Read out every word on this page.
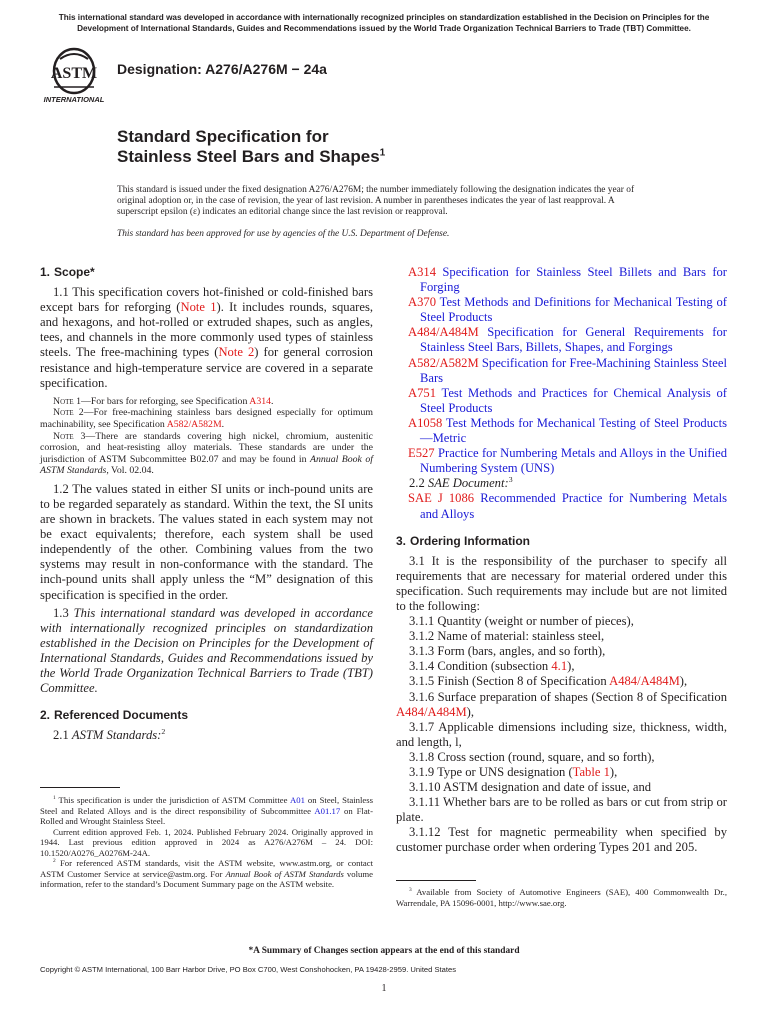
This international standard was developed in accordance with internationally recognized principles on standardization established in the Decision on Principles for the Development of International Standards, Guides and Recommendations issued by the World Trade Organization Technical Barriers to Trade (TBT) Committee.
ASTM
INTERNATIONAL
Designation: A276/A276M − 24a
Standard Specification for
Stainless Steel Bars and Shapes$^1$
This standard is issued under the fixed designation A276/A276M; the number immediately following the designation indicates the year of original adoption or, in the case of revision, the year of last revision. A number in parentheses indicates the year of last reapproval. A superscript epsilon (ε) indicates an editorial change since the last revision or reapproval.
This standard has been approved for use by agencies of the U.S. Department of Defense.
1. Scope*

1.1 This specification covers hot-finished or cold-finished bars except bars for reforging (Note 1). It includes rounds, squares, and hexagons, and hot-rolled or extruded shapes, such as angles, tees, and channels in the more commonly used types of stainless steels. The free-machining types (Note 2) for general corrosion resistance and high-temperature service are covered in a separate specification.

Note 1—For bars for reforging, see Specification A314.

Note 2—For free-machining stainless bars designed especially for optimum machinability, see Specification A582/A582M.

Note 3—There are standards covering high nickel, chromium, austenitic corrosion, and heat-resisting alloy materials. These standards are under the jurisdiction of ASTM Subcommittee B02.07 and may be found in Annual Book of ASTM Standards, Vol. 02.04.

1.2 The values stated in either SI units or inch-pound units are to be regarded separately as standard. Within the text, the SI units are shown in brackets. The values stated in each system may not be exact equivalents; therefore, each system shall be used independently of the other. Combining values from the two systems may result in non-conformance with the standard. The inch-pound units shall apply unless the “M” designation of this specification is specified in the order.

1.3 This international standard was developed in accordance with internationally recognized principles on standardization established in the Decision on Principles for the Development of International Standards, Guides and Recommendations issued by the World Trade Organization Technical Barriers to Trade (TBT) Committee.

2. Referenced Documents

2.1 ASTM Standards:$^2$

$^1$ This specification is under the jurisdiction of ASTM Committee A01 on Steel, Stainless Steel and Related Alloys and is the direct responsibility of Subcommittee A01.17 on Flat-Rolled and Wrought Stainless Steel.

Current edition approved Feb. 1, 2024. Published February 2024. Originally approved in 1944. Last previous edition approved in 2024 as A276/A276M – 24. DOI: 10.1520/A0276_A0276M-24A.

$^2$ For referenced ASTM standards, visit the ASTM website, www.astm.org, or contact ASTM Customer Service at service@astm.org. For Annual Book of ASTM Standards volume information, refer to the standard’s Document Summary page on the ASTM website.

A314 Specification for Stainless Steel Billets and Bars for Forging

A370 Test Methods and Definitions for Mechanical Testing of Steel Products

A484/A484M Specification for General Requirements for Stainless Steel Bars, Billets, Shapes, and Forgings

A582/A582M Specification for Free-Machining Stainless Steel Bars

A751 Test Methods and Practices for Chemical Analysis of Steel Products

A1058 Test Methods for Mechanical Testing of Steel Products—Metric

E527 Practice for Numbering Metals and Alloys in the Unified Numbering System (UNS)

2.2 SAE Document:$^3$

SAE J 1086 Recommended Practice for Numbering Metals and Alloys

3. Ordering Information

3.1 It is the responsibility of the purchaser to specify all requirements that are necessary for material ordered under this specification. Such requirements may include but are not limited to the following:

3.1.1 Quantity (weight or number of pieces),

3.1.2 Name of material: stainless steel,

3.1.3 Form (bars, angles, and so forth),

3.1.4 Condition (subsection 4.1),

3.1.5 Finish (Section 8 of Specification A484/A484M),

3.1.6 Surface preparation of shapes (Section 8 of Specification A484/A484M),

3.1.7 Applicable dimensions including size, thickness, width, and length, l,

3.1.8 Cross section (round, square, and so forth),

3.1.9 Type or UNS designation (Table 1),

3.1.10 ASTM designation and date of issue, and

3.1.11 Whether bars are to be rolled as bars or cut from strip or plate.

3.1.12 Test for magnetic permeability when specified by customer purchase order when ordering Types 201 and 205.

$^3$ Available from Society of Automotive Engineers (SAE), 400 Commonwealth Dr., Warrendale, PA 15096-0001, http://www.sae.org.

*A Summary of Changes section appears at the end of this standard
Copyright © ASTM International, 100 Barr Harbor Drive, PO Box C700, West Conshohocken, PA 19428-2959. United States
1
